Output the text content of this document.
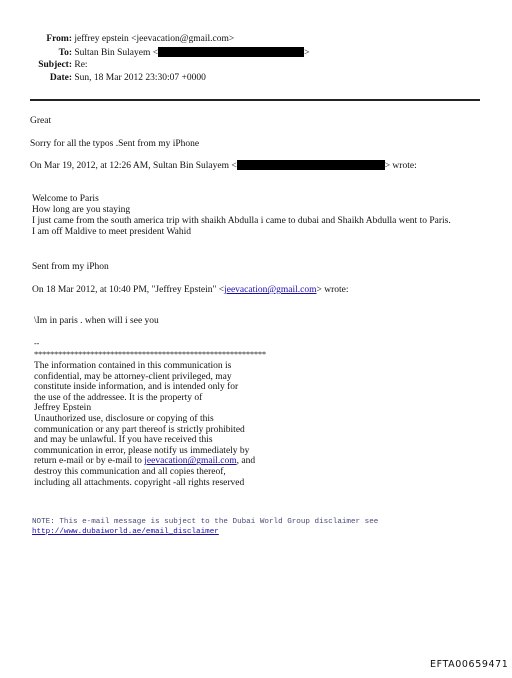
From: jeffrey epstein <jeevacation@gmail.com>
To: Sultan Bin Sulayem <	>
Subject: Re:
Date: Sun, 18 Mar 2012 23:30:07 +0000
Great
Sorry for all the typos .Sent from my iPhone
On Mar 19, 2012, at 12:26 AM, Sultan Bin Sulayem <	> wrote:
Welcome to Paris
How long are you staying
I just came from the south america trip with shaikh Abdulla i came to dubai and Shaikh Abdulla went to Paris.
I am off Maldive to meet president Wahid
Sent from my iPhon
On 18 Mar 2012, at 10:40 PM, "Jeffrey Epstein" <jeevacation@gmail.com> wrote:
\Im in paris . when will i see you
--
**********************************************************
The information contained in this communication is
confidential, may be attorney-client privileged, may
constitute inside information, and is intended only for
the use of the addressee. It is the property of
Jeffrey Epstein
Unauthorized use, disclosure or copying of this
communication or any part thereof is strictly prohibited
and may be unlawful. If you have received this
communication in error, please notify us immediately by
return e-mail or by e-mail to jeevacation@gmail.com, and
destroy this communication and all copies thereof,
including all attachments. copyright -all rights reserved
NOTE: This e-mail message is subject to the Dubai World Group disclaimer see
http://www.dubaiworld.ae/email_disclaimer
EFTA00659471
